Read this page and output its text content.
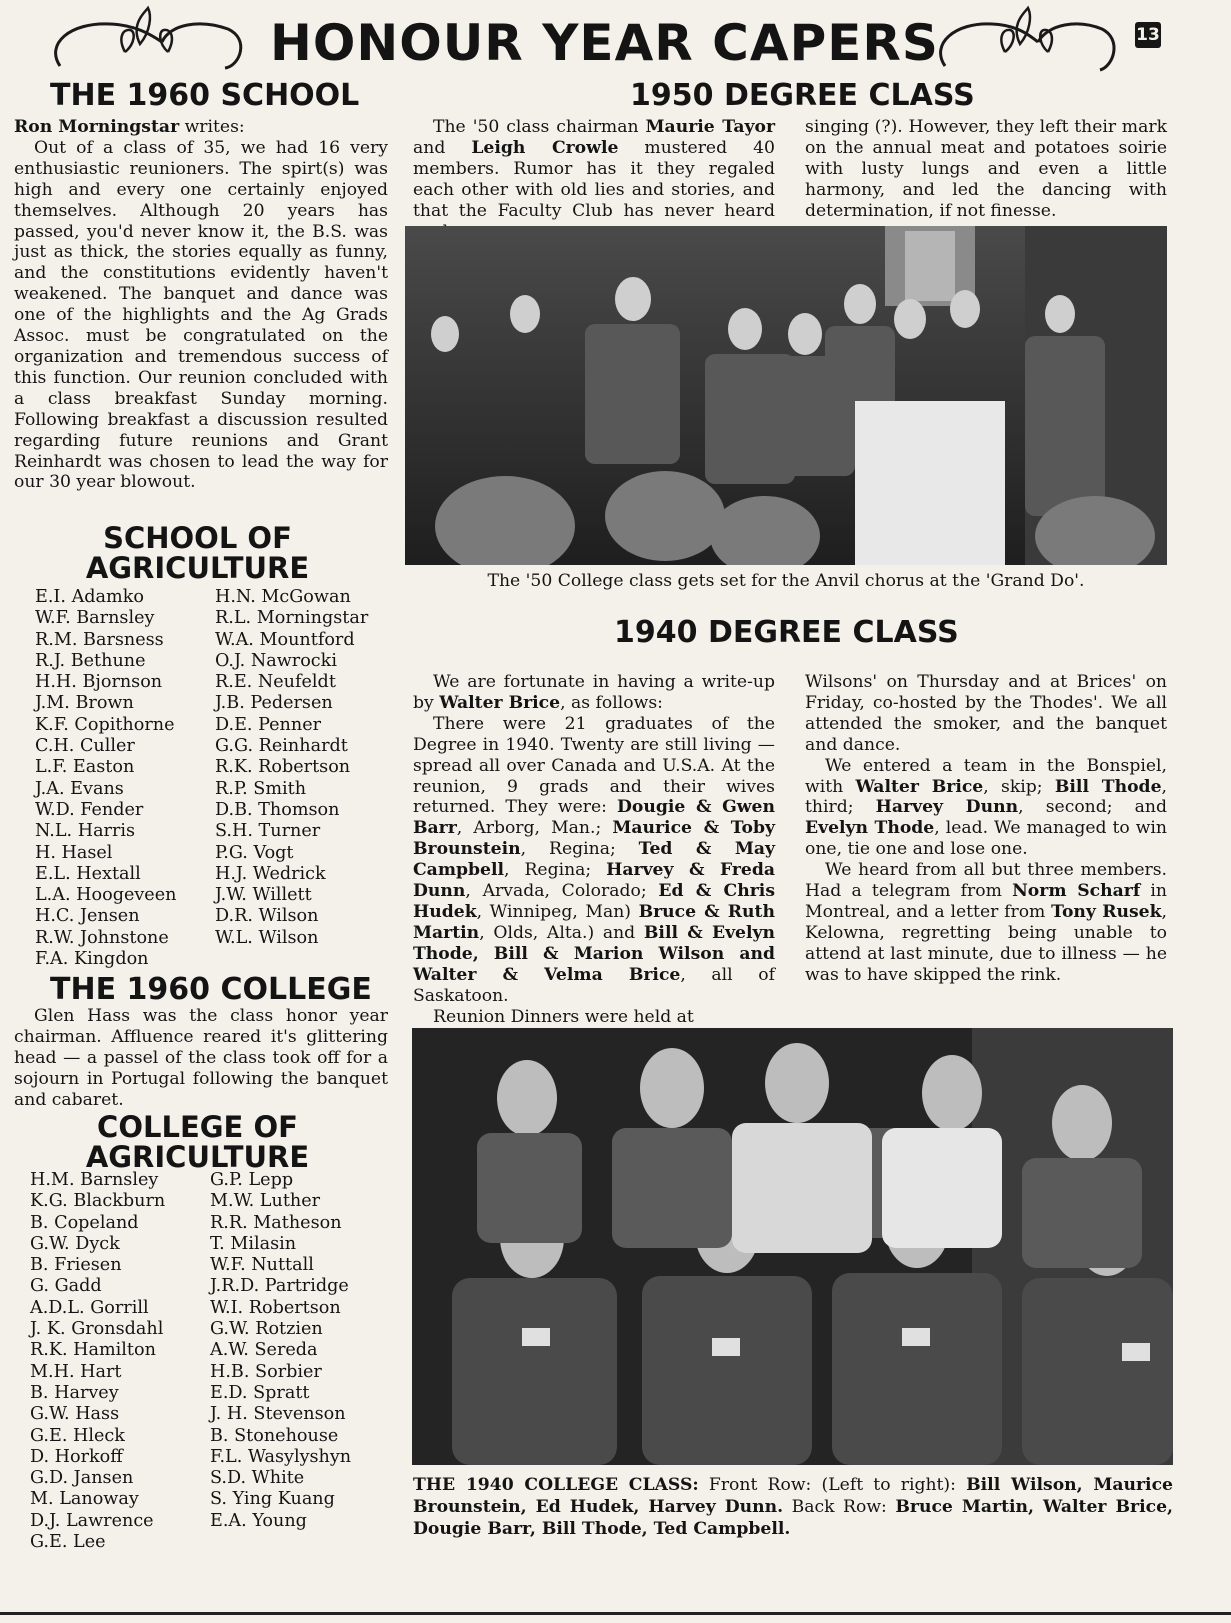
HONOUR YEAR CAPERS	13
THE 1960 SCHOOL

Ron Morningstar writes:

Out of a class of 35, we had 16 very enthusiastic reunioners. The spirt(s) was high and every one certainly enjoyed themselves. Although 20 years has passed, you'd never know it, the B.S. was just as thick, the stories equally as funny, and the constitutions evidently haven't weakened. The banquet and dance was one of the highlights and the Ag Grads Assoc. must be congratulated on the organization and tremendous success of this function. Our reunion concluded with a class breakfast Sunday morning. Following breakfast a discussion resulted regarding future reunions and Grant Reinhardt was chosen to lead the way for our 30 year blowout.

SCHOOL OF
AGRICULTURE
E.I. Adamko
W.F. Barnsley
R.M. Barsness
R.J. Bethune
H.H. Bjornson
J.M. Brown
K.F. Copithorne
C.H. Culler
L.F. Easton
J.A. Evans
W.D. Fender
N.L. Harris
H. Hasel
E.L. Hextall
L.A. Hoogeveen
H.C. Jensen
R.W. Johnstone
F.A. Kingdon
H.N. McGowan
R.L. Morningstar
W.A. Mountford
O.J. Nawrocki
R.E. Neufeldt
J.B. Pedersen
D.E. Penner
G.G. Reinhardt
R.K. Robertson
R.P. Smith
D.B. Thomson
S.H. Turner
P.G. Vogt
H.J. Wedrick
J.W. Willett
D.R. Wilson
W.L. Wilson
THE 1960 COLLEGE

Glen Hass was the class honor year chairman. Affluence reared it's glittering head — a passel of the class took off for a sojourn in Portugal following the banquet and cabaret.

COLLEGE OF
AGRICULTURE
H.M. Barnsley
K.G. Blackburn
B. Copeland
G.W. Dyck
B. Friesen
G. Gadd
A.D.L. Gorrill
J. K. Gronsdahl
R.K. Hamilton
M.H. Hart
B. Harvey
G.W. Hass
G.E. Hleck
D. Horkoff
G.D. Jansen
M. Lanoway
D.J. Lawrence
G.E. Lee
G.P. Lepp
M.W. Luther
R.R. Matheson
T. Milasin
W.F. Nuttall
J.R.D. Partridge
W.I. Robertson
G.W. Rotzien
A.W. Sereda
H.B. Sorbier
E.D. Spratt
J. H. Stevenson
B. Stonehouse
F.L. Wasylyshyn
S.D. White
S. Ying Kuang
E.A. Young
1950 DEGREE CLASS

The '50 class chairman Maurie Tayor and Leigh Crowle mustered 40 members. Rumor has it they regaled each other with old lies and stories, and that the Faculty Club has never heard

singing (?). However, they left their mark on the annual meat and potatoes soirie with lusty lungs and even a little harmony, and led the dancing with determination, if not finesse.

The '50 College class gets set for the Anvil chorus at the 'Grand Do'.
1940 DEGREE CLASS

We are fortunate in having a write-up by Walter Brice, as follows:

There were 21 graduates of the Degree in 1940. Twenty are still living — spread all over Canada and U.S.A. At the reunion, 9 grads and their wives returned. They were: Dougie & Gwen Barr, Arborg, Man.; Maurice & Toby Brounstein, Regina; Ted & May Campbell, Regina; Harvey & Freda Dunn, Arvada, Colorado; Ed & Chris Hudek, Winnipeg, Man) Bruce & Ruth Martin, Olds, Alta.) and Bill & Evelyn Thode, Bill & Marion Wilson and Walter & Velma Brice, all of Saskatoon.

Reunion Dinners were held at

Wilsons' on Thursday and at Brices' on Friday, co-hosted by the Thodes'. We all attended the smoker, and the banquet and dance.

We entered a team in the Bonspiel, with Walter Brice, skip; Bill Thode, third; Harvey Dunn, second; and Evelyn Thode, lead. We managed to win one, tie one and lose one.

We heard from all but three members. Had a telegram from Norm Scharf in Montreal, and a letter from Tony Rusek, Kelowna, regretting being unable to attend at last minute, due to illness — he was to have skipped the rink.

THE 1940 COLLEGE CLASS: Front Row: (Left to right): Bill Wilson, Maurice Brounstein, Ed Hudek, Harvey Dunn. Back Row: Bruce Martin, Walter Brice, Dougie Barr, Bill Thode, Ted Campbell.
